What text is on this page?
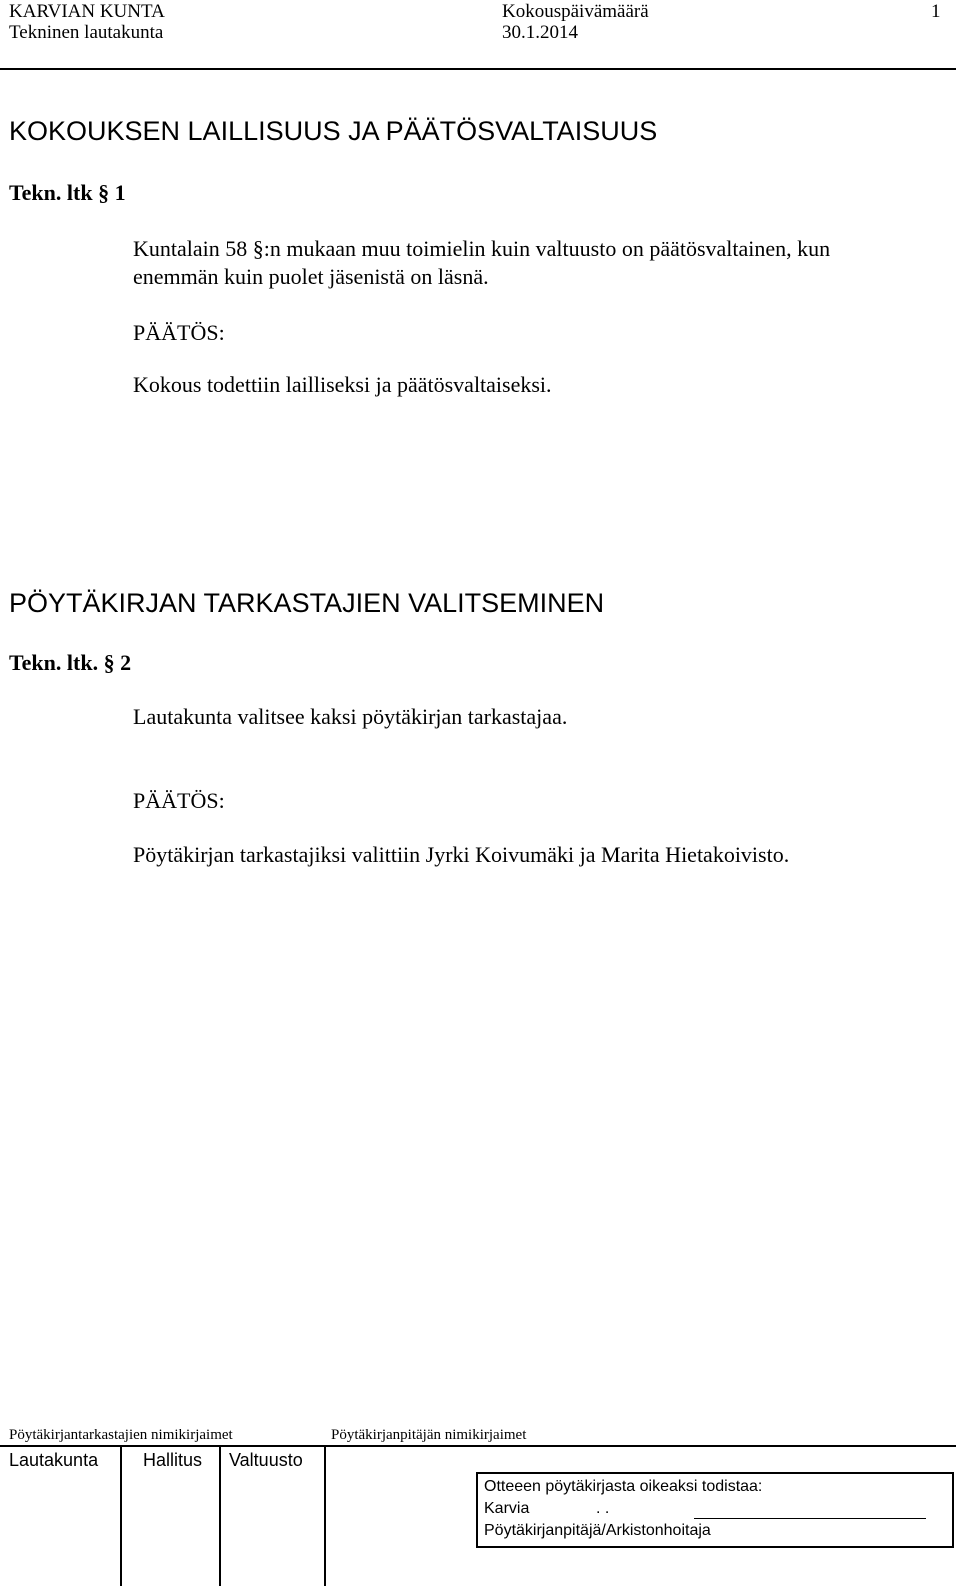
KARVIAN KUNTA
Tekninen lautakunta
Kokouspäivämäärä
30.1.2014
1
KOKOUKSEN LAILLISUUS JA PÄÄTÖSVALTAISUUS
Tekn. ltk § 1
Kuntalain 58 §:n mukaan muu toimielin kuin valtuusto on päätösvaltainen, kun
enemmän kuin puolet jäsenistä on läsnä.
PÄÄTÖS:
Kokous todettiin lailliseksi ja päätösvaltaiseksi.
PÖYTÄKIRJAN TARKASTAJIEN VALITSEMINEN
Tekn. ltk. § 2
Lautakunta valitsee kaksi pöytäkirjan tarkastajaa.
PÄÄTÖS:
Pöytäkirjan tarkastajiksi valittiin Jyrki Koivumäki ja Marita Hietakoivisto.
Pöytäkirjantarkastajien nimikirjaimet	Pöytäkirjanpitäjän nimikirjaimet
Lautakunta Hallitus Valtuusto
Otteeen pöytäkirjasta oikeaksi todistaa:
Karvia	. .
Pöytäkirjanpitäjä/Arkistonhoitaja
